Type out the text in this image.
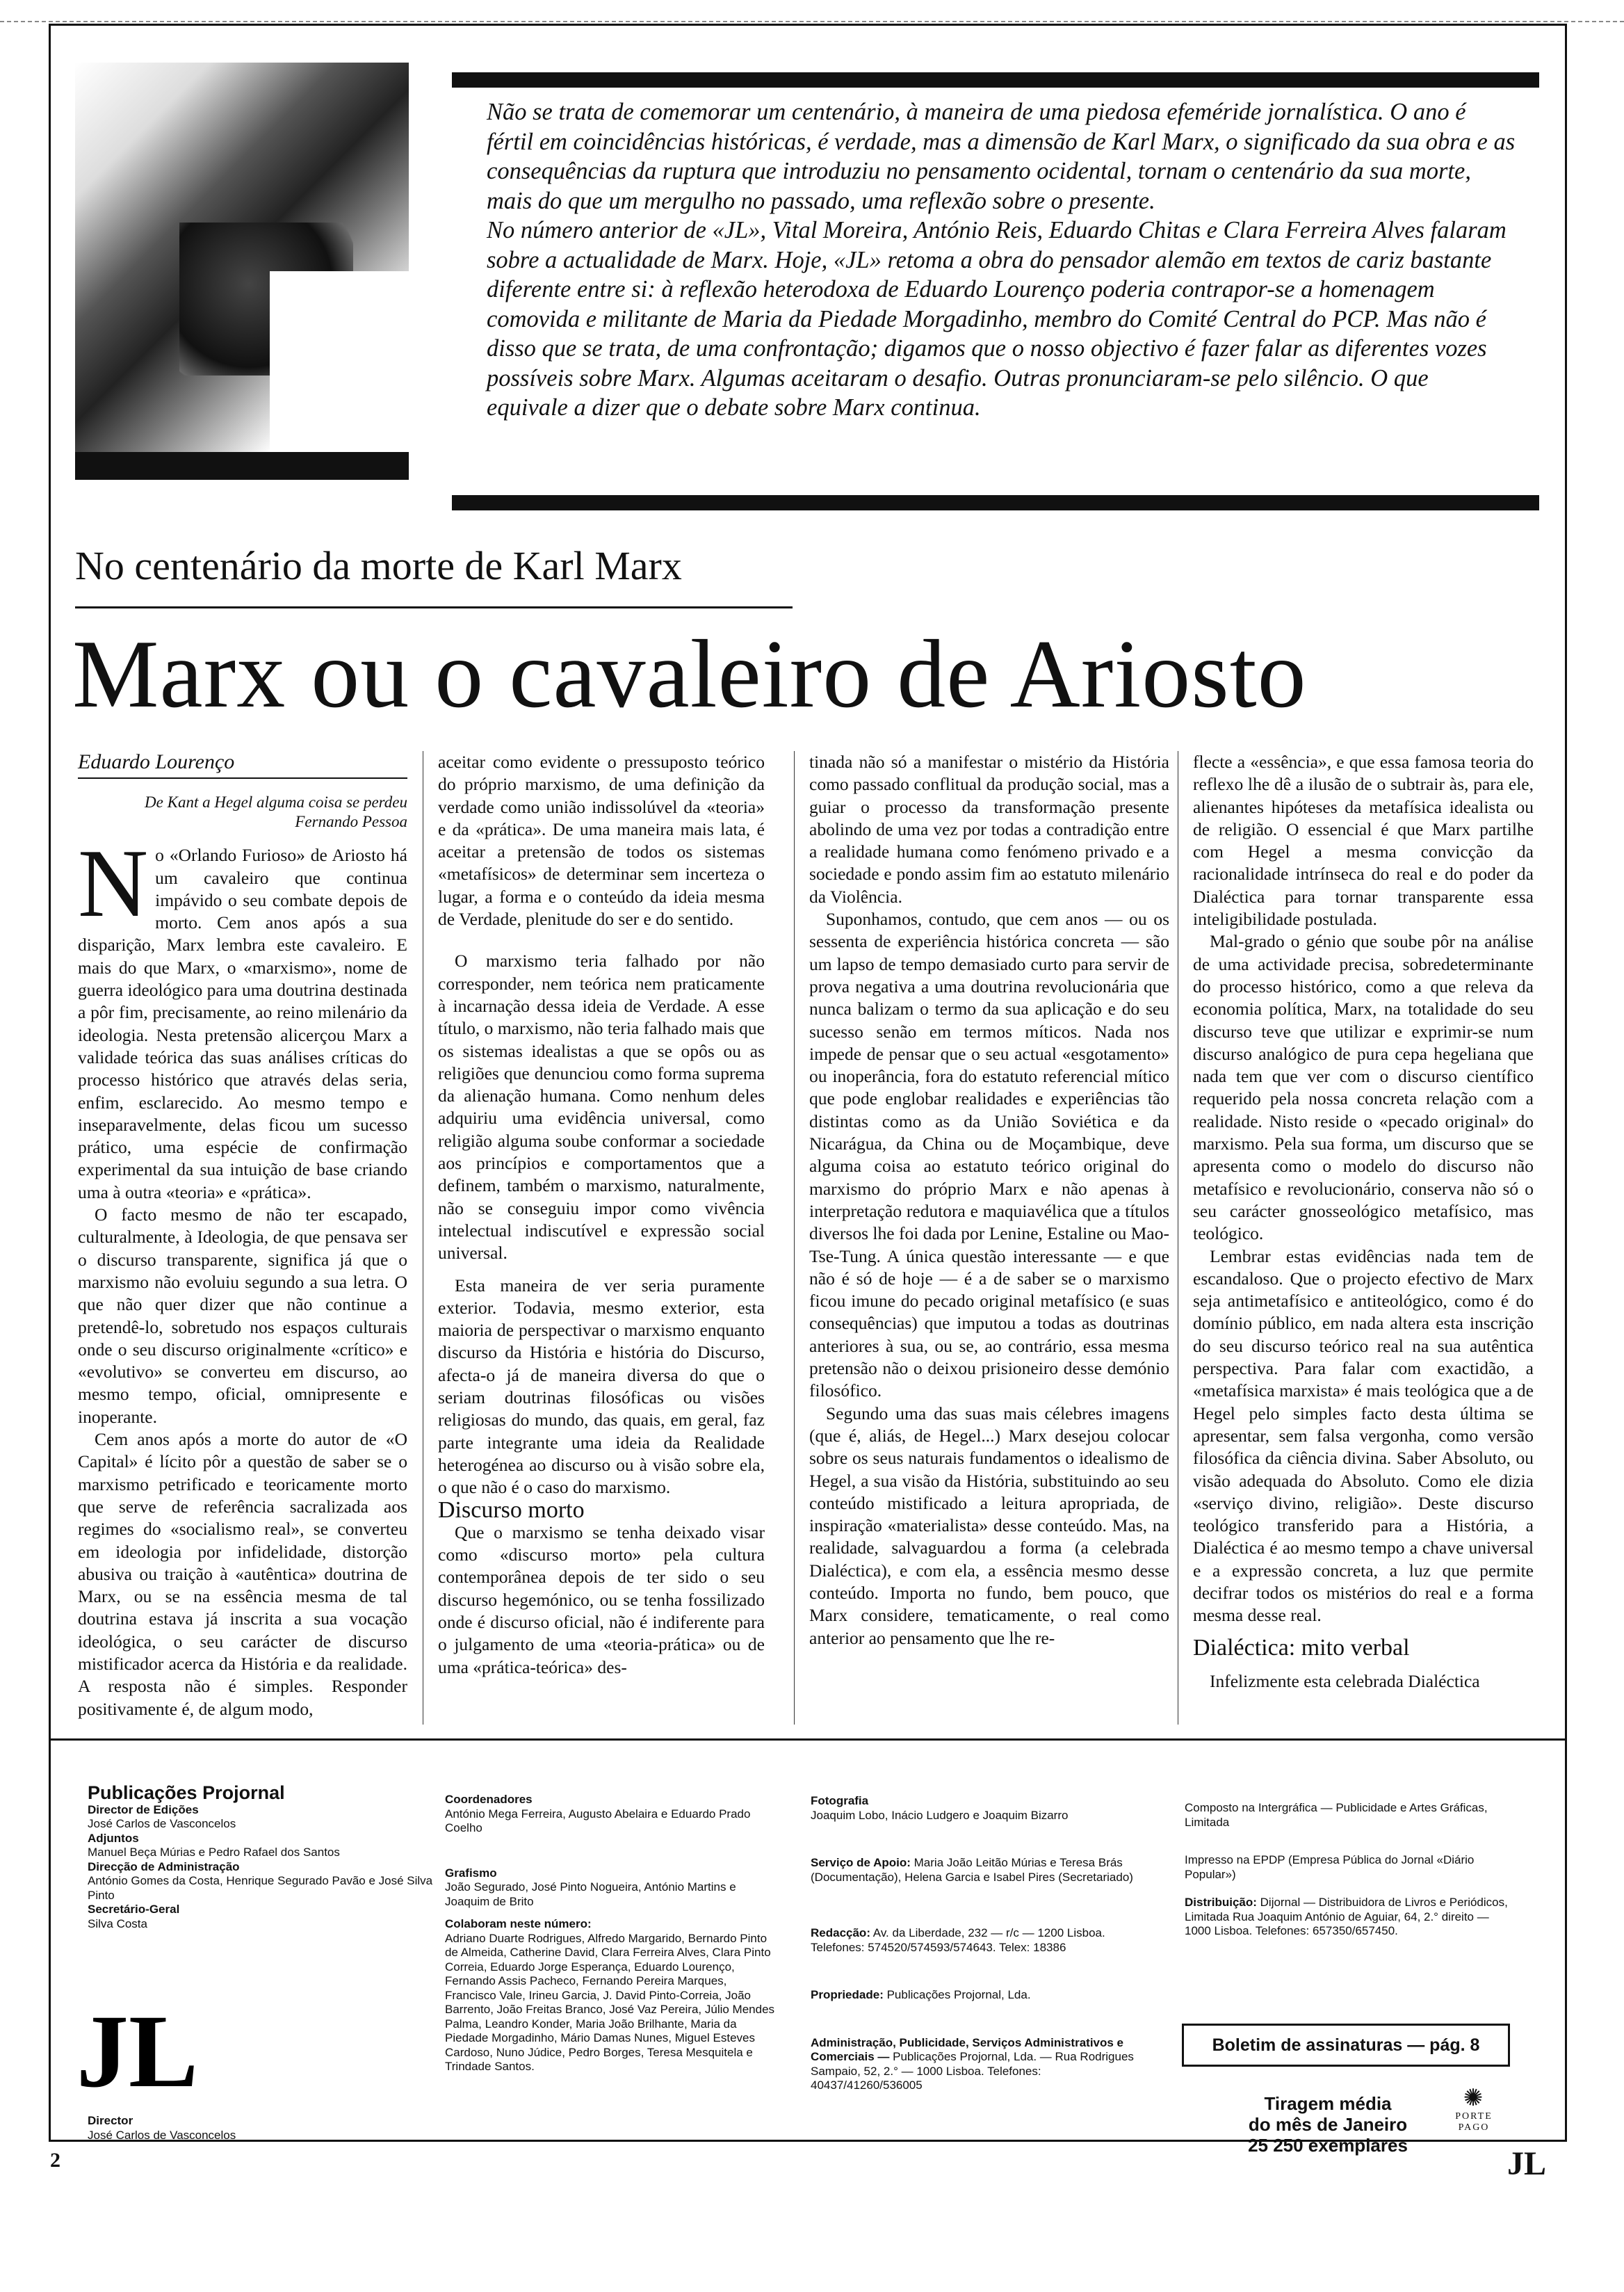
Não se trata de comemorar um centenário, à maneira de uma piedosa efeméride jornalística. O ano é fértil em coincidências históricas, é verdade, mas a dimensão de Karl Marx, o significado da sua obra e as consequências da ruptura que introduziu no pensamento ocidental, tornam o centenário da sua morte, mais do que um mergulho no passado, uma reflexão sobre o presente.

No número anterior de «JL», Vital Moreira, António Reis, Eduardo Chitas e Clara Ferreira Alves falaram sobre a actualidade de Marx. Hoje, «JL» retoma a obra do pensador alemão em textos de cariz bastante diferente entre si: à reflexão heterodoxa de Eduardo Lourenço poderia contrapor-se a homenagem comovida e militante de Maria da Piedade Morgadinho, membro do Comité Central do PCP. Mas não é disso que se trata, de uma confrontação; digamos que o nosso objectivo é fazer falar as diferentes vozes possíveis sobre Marx. Algumas aceitaram o desafio. Outras pronunciaram-se pelo silêncio. O que equivale a dizer que o debate sobre Marx continua.

No centenário da morte de Karl Marx
Marx ou o cavaleiro de Ariosto
Eduardo Lourenço
De Kant a Hegel alguma coisa se perdeu
Fernando Pessoa

No «Orlando Furioso» de Ariosto há um cavaleiro que continua impávido o seu combate depois de morto. Cem anos após a sua disparição, Marx lembra este cavaleiro. E mais do que Marx, o «marxismo», nome de guerra ideológico para uma doutrina destinada a pôr fim, precisamente, ao reino milenário da ideologia. Nesta pretensão alicerçou Marx a validade teórica das suas análises críticas do processo histórico que através delas seria, enfim, esclarecido. Ao mesmo tempo e inseparavelmente, delas ficou um sucesso prático, uma espécie de confirmação experimental da sua intuição de base criando uma à outra «teoria» e «prática».

O facto mesmo de não ter escapado, culturalmente, à Ideologia, de que pensava ser o discurso transparente, significa já que o marxismo não evoluiu segundo a sua letra. O que não quer dizer que não continue a pretendê-lo, sobretudo nos espaços culturais onde o seu discurso originalmente «crítico» e «evolutivo» se converteu em discurso, ao mesmo tempo, oficial, omnipresente e inoperante.

Cem anos após a morte do autor de «O Capital» é lícito pôr a questão de saber se o marxismo petrificado e teoricamente morto que serve de referência sacralizada aos regimes do «socialismo real», se converteu em ideologia por infidelidade, distorção abusiva ou traição à «autêntica» doutrina de Marx, ou se na essência mesma de tal doutrina estava já inscrita a sua vocação ideológica, o seu carácter de discurso mistificador acerca da História e da realidade. A resposta não é simples. Responder positivamente é, de algum modo,

aceitar como evidente o pressuposto teórico do próprio marxismo, de uma definição da verdade como união indissolúvel da «teoria» e da «prática». De uma maneira mais lata, é aceitar a pretensão de todos os sistemas «metafísicos» de determinar sem incerteza o lugar, a forma e o conteúdo da ideia mesma de Verdade, plenitude do ser e do sentido.

O marxismo teria falhado por não corresponder, nem teórica nem praticamente à incarnação dessa ideia de Verdade. A esse título, o marxismo, não teria falhado mais que os sistemas idealistas a que se opôs ou as religiões que denunciou como forma suprema da alienação humana. Como nenhum deles adquiriu uma evidência universal, como religião alguma soube conformar a sociedade aos princípios e comportamentos que a definem, também o marxismo, naturalmente, não se conseguiu impor como vivência intelectual indiscutível e expressão social universal.

Esta maneira de ver seria puramente exterior. Todavia, mesmo exterior, esta maioria de perspectivar o marxismo enquanto discurso da História e história do Discurso, afecta-o já de maneira diversa do que o seriam doutrinas filosóficas ou visões religiosas do mundo, das quais, em geral, faz parte integrante uma ideia da Realidade heterogénea ao discurso ou à visão sobre ela, o que não é o caso do marxismo.

Discurso morto

Que o marxismo se tenha deixado visar como «discurso morto» pela cultura contemporânea depois de ter sido o seu discurso hegemónico, ou se tenha fossilizado onde é discurso oficial, não é indiferente para o julgamento de uma «teoria-prática» ou de uma «prática-teórica» des-

tinada não só a manifestar o mistério da História como passado conflitual da produção social, mas a guiar o processo da transformação presente abolindo de uma vez por todas a contradição entre a realidade humana como fenómeno privado e a sociedade e pondo assim fim ao estatuto milenário da Violência.

Suponhamos, contudo, que cem anos — ou os sessenta de experiência histórica concreta — são um lapso de tempo demasiado curto para servir de prova negativa a uma doutrina revolucionária que nunca balizam o termo da sua aplicação e do seu sucesso senão em termos míticos. Nada nos impede de pensar que o seu actual «esgotamento» ou inoperância, fora do estatuto referencial mítico que pode englobar realidades e experiências tão distintas como as da União Soviética e da Nicarágua, da China ou de Moçambique, deve alguma coisa ao estatuto teórico original do marxismo do próprio Marx e não apenas à interpretação redutora e maquiavélica que a títulos diversos lhe foi dada por Lenine, Estaline ou Mao-Tse-Tung. A única questão interessante — e que não é só de hoje — é a de saber se o marxismo ficou imune do pecado original metafísico (e suas consequências) que imputou a todas as doutrinas anteriores à sua, ou se, ao contrário, essa mesma pretensão não o deixou prisioneiro desse demónio filosófico.

Segundo uma das suas mais célebres imagens (que é, aliás, de Hegel...) Marx desejou colocar sobre os seus naturais fundamentos o idealismo de Hegel, a sua visão da História, substituindo ao seu conteúdo mistificado a leitura apropriada, de inspiração «materialista» desse conteúdo. Mas, na realidade, salvaguardou a forma (a celebrada Dialéctica), e com ela, a essência mesmo desse conteúdo. Importa no fundo, bem pouco, que Marx considere, tematicamente, o real como anterior ao pensamento que lhe re-

flecte a «essência», e que essa famosa teoria do reflexo lhe dê a ilusão de o subtrair às, para ele, alienantes hipóteses da metafísica idealista ou de religião. O essencial é que Marx partilhe com Hegel a mesma convicção da racionalidade intrínseca do real e do poder da Dialéctica para tornar transparente essa inteligibilidade postulada.

Mal-grado o génio que soube pôr na análise de uma actividade precisa, sobredeterminante do processo histórico, como a que releva da economia política, Marx, na totalidade do seu discurso teve que utilizar e exprimir-se num discurso analógico de pura cepa hegeliana que nada tem que ver com o discurso científico requerido pela nossa concreta relação com a realidade. Nisto reside o «pecado original» do marxismo. Pela sua forma, um discurso que se apresenta como o modelo do discurso não metafísico e revolucionário, conserva não só o seu carácter gnosseológico metafísico, mas teológico.

Lembrar estas evidências nada tem de escandaloso. Que o projecto efectivo de Marx seja antimetafísico e antiteológico, como é do domínio público, em nada altera esta inscrição do seu discurso teórico real na sua autêntica perspectiva. Para falar com exactidão, a «metafísica marxista» é mais teológica que a de Hegel pelo simples facto desta última se apresentar, sem falsa vergonha, como versão filosófica da ciência divina. Saber Absoluto, ou visão adequada do Absoluto. Como ele dizia «serviço divino, religião». Deste discurso teológico transferido para a História, a Dialéctica é ao mesmo tempo a chave universal e a expressão concreta, a luz que permite decifrar todos os mistérios do real e a forma mesma desse real.

Dialéctica: mito verbal

Infelizmente esta celebrada Dialéctica

Publicações Projornal
Director de Edições
José Carlos de Vasconcelos
Adjuntos
Manuel Beça Múrias e Pedro Rafael dos Santos
Direcção de Administração
António Gomes da Costa, Henrique Segurado Pavão e José Silva Pinto
Secretário-Geral
Silva Costa
JL
Director
José Carlos de Vasconcelos
Coordenadores
António Mega Ferreira, Augusto Abelaira e Eduardo Prado Coelho
Grafismo
João Segurado, José Pinto Nogueira, António Martins e Joaquim de Brito
Colaboram neste número:
Adriano Duarte Rodrigues, Alfredo Margarido, Bernardo Pinto de Almeida, Catherine David, Clara Ferreira Alves, Clara Pinto Correia, Eduardo Jorge Esperança, Eduardo Lourenço, Fernando Assis Pacheco, Fernando Pereira Marques, Francisco Vale, Irineu Garcia, J. David Pinto-Correia, João Barrento, João Freitas Branco, José Vaz Pereira, Júlio Mendes Palma, Leandro Konder, Maria João Brilhante, Maria da Piedade Morgadinho, Mário Damas Nunes, Miguel Esteves Cardoso, Nuno Júdice, Pedro Borges, Teresa Mesquitela e Trindade Santos.
Fotografia
Joaquim Lobo, Inácio Ludgero e Joaquim Bizarro
Serviço de Apoio: Maria João Leitão Múrias e Teresa Brás (Documentação), Helena Garcia e Isabel Pires (Secretariado)
Redacção: Av. da Liberdade, 232 — r/c — 1200 Lisboa. Telefones: 574520/574593/574643. Telex: 18386
Propriedade: Publicações Projornal, Lda.
Administração, Publicidade, Serviços Administrativos e Comerciais — Publicações Projornal, Lda. — Rua Rodrigues Sampaio, 52, 2.° — 1000 Lisboa. Telefones: 40437/41260/536005
Composto na Intergráfica — Publicidade e Artes Gráficas, Limitada
Impresso na EPDP (Empresa Pública do Jornal «Diário Popular»)
Distribuição: Dijornal — Distribuidora de Livros e Periódicos, Limitada Rua Joaquim António de Aguiar, 64, 2.° direito — 1000 Lisboa. Telefones: 657350/657450.
Boletim de assinaturas — pág. 8
Tiragem média
do mês de Janeiro
25 250 exemplares
✺
PORTE
PAGO
2	JL
